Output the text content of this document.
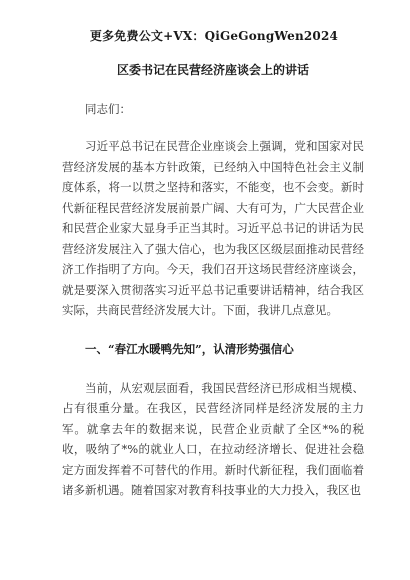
更多免费公文+VX：QiGeGongWen2024
区委书记在民营经济座谈会上的讲话
同志们：

习近平总书记在民营企业座谈会上强调，党和国家对民营经济发展的基本方针政策，已经纳入中国特色社会主义制度体系，将一以贯之坚持和落实，不能变，也不会变。新时代新征程民营经济发展前景广阔、大有可为，广大民营企业和民营企业家大显身手正当其时。习近平总书记的讲话为民营经济发展注入了强大信心，也为我区区级层面推动民营经济工作指明了方向。今天，我们召开这场民营经济座谈会，就是要深入贯彻落实习近平总书记重要讲话精神，结合我区实际，共商民营经济发展大计。下面，我讲几点意见。

一、“春江水暖鸭先知”，认清形势强信心

当前，从宏观层面看，我国民营经济已形成相当规模、占有很重分量。在我区，民营经济同样是经济发展的主力军。就拿去年的数据来说，民营企业贡献了全区*%的税收，吸纳了*%的就业人口，在拉动经济增长、促进社会稳定方面发挥着不可替代的作用。新时代新征程，我们面临着诸多新机遇。随着国家对教育科技事业的大力投入，我区也
